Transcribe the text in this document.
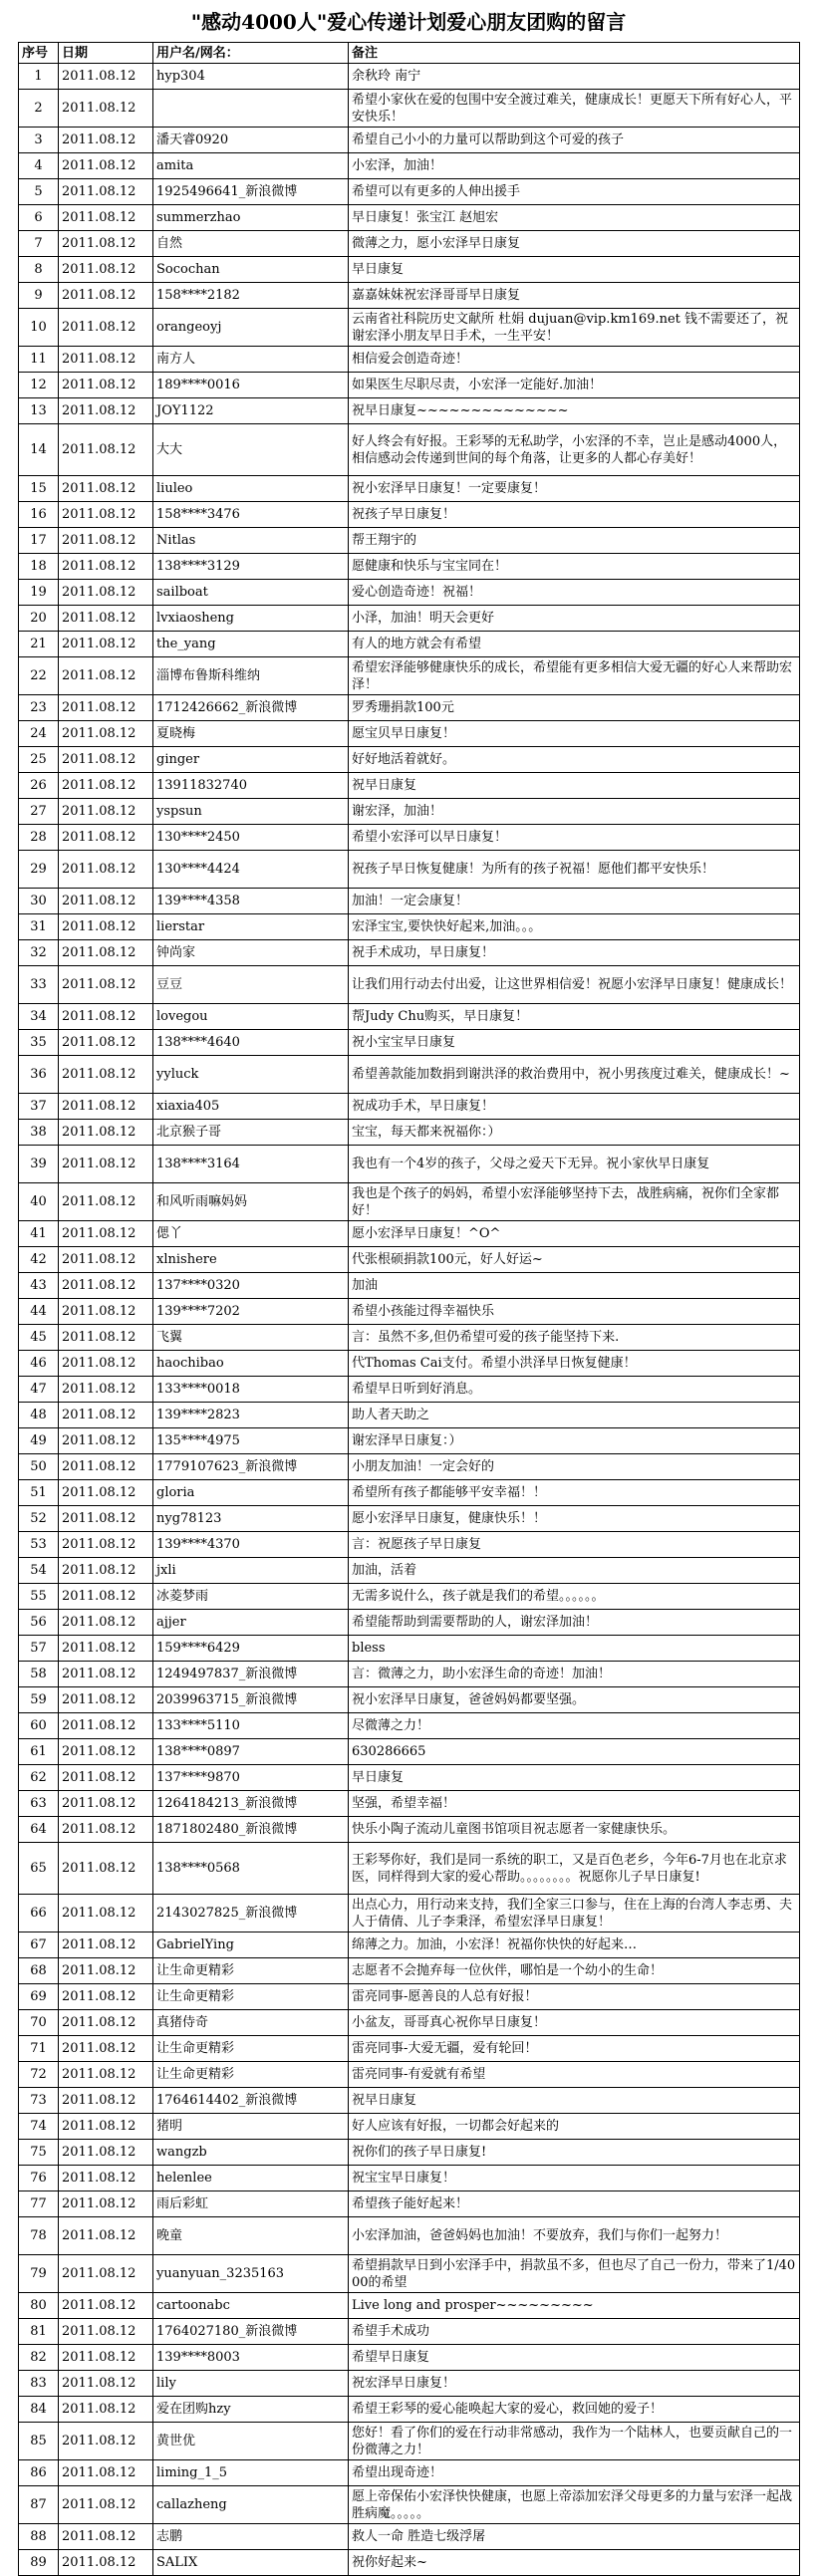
"感动4000人"爱心传递计划爱心朋友团购的留言
序号	日期	用户名/网名：	备注
1	2011.08.12	hyp304	余秋玲 南宁
2	2011.08.12		希望小家伙在爱的包围中安全渡过难关，健康成长！更愿天下所有好心人，平安快乐！
3	2011.08.12	潘天睿0920	希望自己小小的力量可以帮助到这个可爱的孩子
4	2011.08.12	amita	小宏泽，加油！
5	2011.08.12	1925496641_新浪微博	希望可以有更多的人伸出援手
6	2011.08.12	summerzhao	早日康复！张宝江 赵旭宏
7	2011.08.12	自然	微薄之力，愿小宏泽早日康复
8	2011.08.12	Socochan	早日康复
9	2011.08.12	158****2182	嘉嘉妹妹祝宏泽哥哥早日康复
10	2011.08.12	orangeoyj	云南省社科院历史文献所 杜娟 dujuan@vip.km169.net 钱不需要还了，祝谢宏泽小朋友早日手术，一生平安！
11	2011.08.12	南方人	相信爱会创造奇迹！
12	2011.08.12	189****0016	如果医生尽职尽责，小宏泽一定能好.加油！
13	2011.08.12	JOY1122	祝早日康复~~~~~~~~~~~~~~
14	2011.08.12	大大	好人终会有好报。王彩琴的无私助学，小宏泽的不幸，岂止是感动4000人，相信感动会传递到世间的每个角落，让更多的人都心存美好！
15	2011.08.12	liuleo	祝小宏泽早日康复！一定要康复！
16	2011.08.12	158****3476	祝孩子早日康复！
17	2011.08.12	Nitlas	帮王翔宇的
18	2011.08.12	138****3129	愿健康和快乐与宝宝同在！
19	2011.08.12	sailboat	爱心创造奇迹！祝福！
20	2011.08.12	lvxiaosheng	小泽，加油！明天会更好
21	2011.08.12	the_yang	有人的地方就会有希望
22	2011.08.12	淄博布鲁斯科维纳	希望宏泽能够健康快乐的成长，希望能有更多相信大爱无疆的好心人来帮助宏泽！
23	2011.08.12	1712426662_新浪微博	罗秀珊捐款100元
24	2011.08.12	夏晓梅	愿宝贝早日康复！
25	2011.08.12	ginger	好好地活着就好。
26	2011.08.12	13911832740	祝早日康复
27	2011.08.12	yspsun	谢宏泽，加油！
28	2011.08.12	130****2450	希望小宏泽可以早日康复！
29	2011.08.12	130****4424	祝孩子早日恢复健康！为所有的孩子祝福！愿他们都平安快乐！
30	2011.08.12	139****4358	加油！一定会康复！
31	2011.08.12	lierstar	宏泽宝宝,要快快好起来,加油。。。
32	2011.08.12	钟尚家	祝手术成功，早日康复！
33	2011.08.12	豆豆	让我们用行动去付出爱，让这世界相信爱！祝愿小宏泽早日康复！健康成长！
34	2011.08.12	lovegou	帮Judy Chu购买，早日康复！
35	2011.08.12	138****4640	祝小宝宝早日康复
36	2011.08.12	yyluck	希望善款能加数捐到谢洪泽的救治费用中，祝小男孩度过难关，健康成长！~
37	2011.08.12	xiaxia405	祝成功手术，早日康复！
38	2011.08.12	北京猴子哥	宝宝，每天都来祝福你：）
39	2011.08.12	138****3164	我也有一个4岁的孩子，父母之爱天下无异。祝小家伙早日康复
40	2011.08.12	和风听雨嘛妈妈	我也是个孩子的妈妈，希望小宏泽能够坚持下去，战胜病痛，祝你们全家都好！
41	2011.08.12	偲丫	愿小宏泽早日康复！^O^
42	2011.08.12	xlnishere	代张根硕捐款100元，好人好运~
43	2011.08.12	137****0320	加油
44	2011.08.12	139****7202	希望小孩能过得幸福快乐
45	2011.08.12	飞翼	言：虽然不多,但仍希望可爱的孩子能坚持下来.
46	2011.08.12	haochibao	代Thomas Cai支付。希望小洪泽早日恢复健康！
47	2011.08.12	133****0018	希望早日听到好消息。
48	2011.08.12	139****2823	助人者天助之
49	2011.08.12	135****4975	谢宏泽早日康复：）
50	2011.08.12	1779107623_新浪微博	小朋友加油！一定会好的
51	2011.08.12	gloria	希望所有孩子都能够平安幸福！！
52	2011.08.12	nyg78123	愿小宏泽早日康复，健康快乐！！
53	2011.08.12	139****4370	言：祝愿孩子早日康复
54	2011.08.12	jxli	加油，活着
55	2011.08.12	冰菱梦雨	无需多说什么，孩子就是我们的希望。。。。。。
56	2011.08.12	ajjer	希望能帮助到需要帮助的人，谢宏泽加油！
57	2011.08.12	159****6429	bless
58	2011.08.12	1249497837_新浪微博	言：微薄之力，助小宏泽生命的奇迹！加油！
59	2011.08.12	2039963715_新浪微博	祝小宏泽早日康复，爸爸妈妈都要坚强。
60	2011.08.12	133****5110	尽微薄之力！
61	2011.08.12	138****0897	630286665
62	2011.08.12	137****9870	早日康复
63	2011.08.12	1264184213_新浪微博	坚强，希望幸福！
64	2011.08.12	1871802480_新浪微博	快乐小陶子流动儿童图书馆项目祝志愿者一家健康快乐。
65	2011.08.12	138****0568	王彩琴你好，我们是同一系统的职工，又是百色老乡，今年6-7月也在北京求医，同样得到大家的爱心帮助。。。。。。。。祝愿你儿子早日康复!
66	2011.08.12	2143027825_新浪微博	出点心力，用行动来支持，我们全家三口参与，住在上海的台湾人李志勇、夫人于倩倩、儿子李秉泽，希望宏泽早日康复！
67	2011.08.12	GabrielYing	绵薄之力。加油，小宏泽！祝福你快快的好起来…
68	2011.08.12	让生命更精彩	志愿者不会抛弃每一位伙伴，哪怕是一个幼小的生命！
69	2011.08.12	让生命更精彩	雷亮同事-愿善良的人总有好报！
70	2011.08.12	真猪侍奇	小盆友，哥哥真心祝你早日康复！
71	2011.08.12	让生命更精彩	雷亮同事-大爱无疆，爱有轮回！
72	2011.08.12	让生命更精彩	雷亮同事-有爱就有希望
73	2011.08.12	1764614402_新浪微博	祝早日康复
74	2011.08.12	猪明	好人应该有好报，一切都会好起来的
75	2011.08.12	wangzb	祝你们的孩子早日康复!
76	2011.08.12	helenlee	祝宝宝早日康复！
77	2011.08.12	雨后彩虹	希望孩子能好起来！
78	2011.08.12	晚童	小宏泽加油，爸爸妈妈也加油！不要放弃，我们与你们一起努力！
79	2011.08.12	yuanyuan_3235163	希望捐款早日到小宏泽手中，捐款虽不多，但也尽了自己一份力，带来了1/4000的希望
80	2011.08.12	cartoonabc	Live long and prosper~~~~~~~~~
81	2011.08.12	1764027180_新浪微博	希望手术成功
82	2011.08.12	139****8003	希望早日康复
83	2011.08.12	lily	祝宏泽早日康复！
84	2011.08.12	爱在团购hzy	希望王彩琴的爱心能唤起大家的爱心，救回她的爱子！
85	2011.08.12	黄世优	您好！看了你们的爱在行动非常感动，我作为一个陆林人，也要贡献自己的一份微薄之力！
86	2011.08.12	liming_1_5	希望出现奇迹！
87	2011.08.12	callazheng	愿上帝保佑小宏泽快快健康，也愿上帝添加宏泽父母更多的力量与宏泽一起战胜病魔。。。。。
88	2011.08.12	志鹏	救人一命 胜造七级浮屠
89	2011.08.12	SALIX	祝你好起来~
